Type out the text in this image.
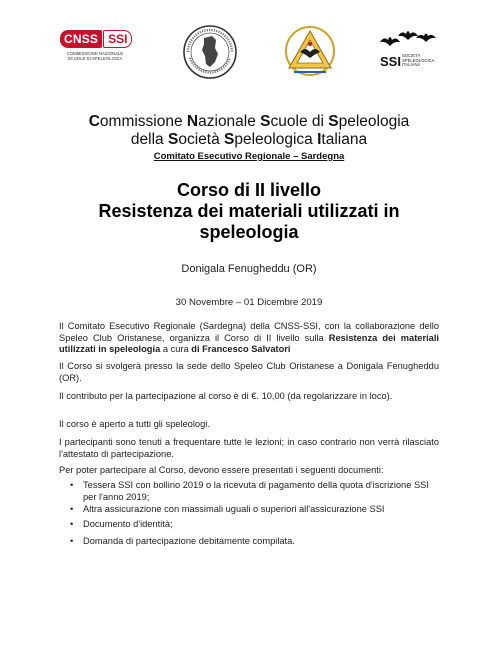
CNSS SSI
COMMISSIONE NAZIONALE
SCUOLE DI SPELEOLOGIA	SSI SOCIETÀ SPELEOLOGICA ITALIANA
Commissione Nazionale Scuole di Speleologia
della Società Speleologica Italiana
Comitato Esecutivo Regionale – Sardegna
Corso di II livello
Resistenza dei materiali utilizzati in
speleologia
Donigala Fenugheddu (OR)
30 Novembre – 01 Dicembre 2019

Il Comitato Esecutivo Regionale (Sardegna) della CNSS-SSI, con la collaborazione dello Speleo Club Oristanese, organizza il Corso di II livello sulla Resistenza dei materiali utilizzati in speleologia a cura di Francesco Salvatori

Il Corso si svolgerà presso la sede dello Speleo Club Oristanese a Donigala Fenugheddu (OR).

Il contributo per la partecipazione al corso è di €. 10,00 (da regolarizzare in loco).

Il corso è aperto a tutti gli speleologi.

I partecipanti sono tenuti a frequentare tutte le lezioni; in caso contrario non verrà rilasciato l'attestato di partecipazione.

Per poter partecipare al Corso, devono essere presentati i seguenti documenti:

• Tessera SSI con bollino 2019 o la ricevuta di pagamento della quota d'iscrizione SSI per l'anno 2019;
• Altra assicurazione con massimali uguali o superiori all'assicurazione SSI
• Documento d'identità;
• Domanda di partecipazione debitamente compilata.
